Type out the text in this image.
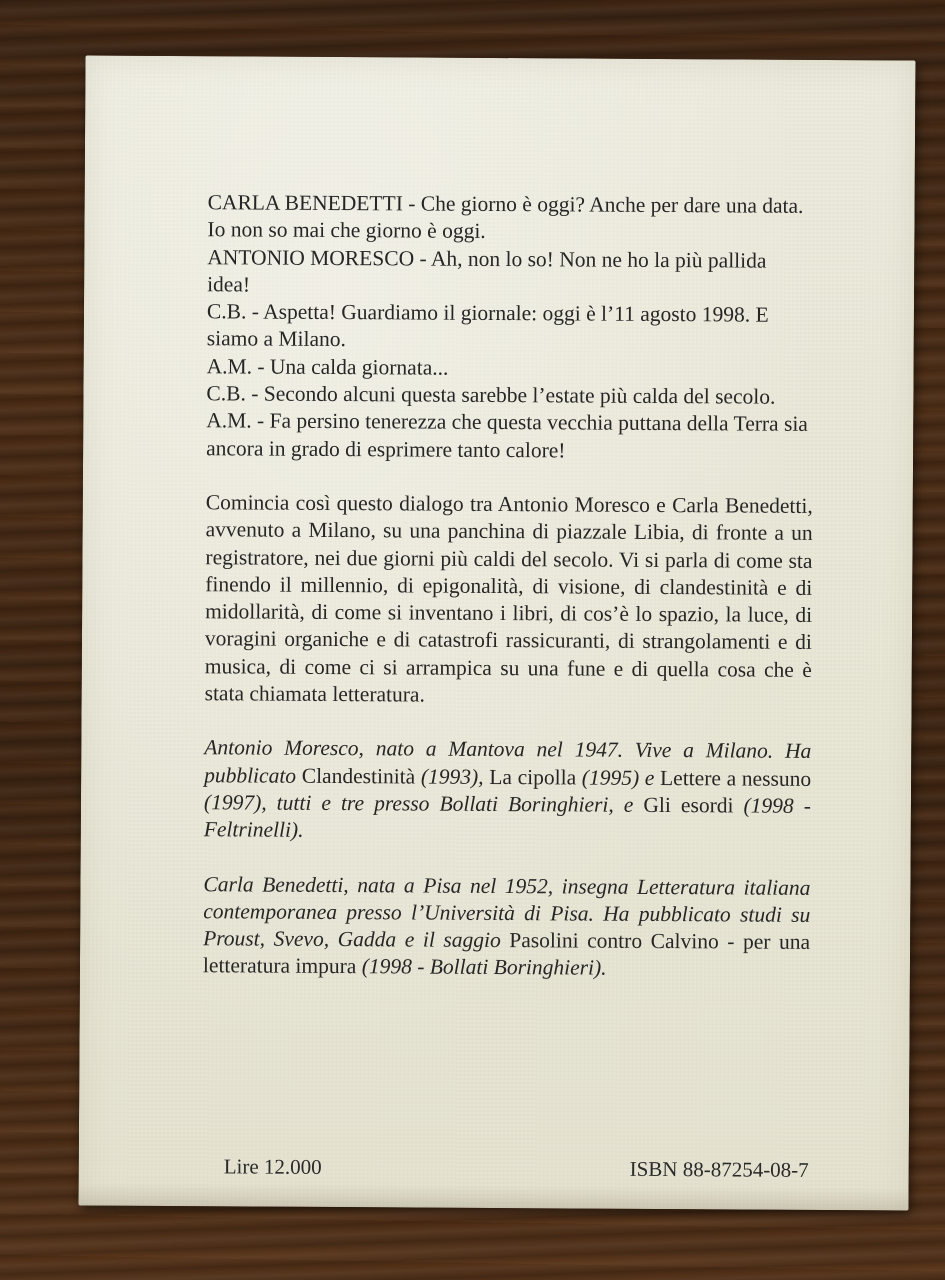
CARLA BENEDETTI - Che giorno è oggi? Anche per dare una data. Io non so mai che giorno è oggi.

ANTONIO MORESCO - Ah, non lo so! Non ne ho la più pallida idea!

C.B. - Aspetta! Guardiamo il giornale: oggi è l’11 agosto 1998. E siamo a Milano.

A.M. - Una calda giornata...

C.B. - Secondo alcuni questa sarebbe l’estate più calda del secolo.

A.M. - Fa persino tenerezza che questa vecchia puttana della Terra sia ancora in grado di esprimere tanto calore!

Comincia così questo dialogo tra Antonio Moresco e Carla Benedetti, avvenuto a Milano, su una panchina di piazzale Libia, di fronte a un registratore, nei due giorni più caldi del secolo. Vi si parla di come sta finendo il millennio, di epigonalità, di visione, di clandestinità e di midollarità, di come si inventano i libri, di cos’è lo spazio, la luce, di voragini organiche e di catastrofi rassicuranti, di strangolamenti e di musica, di come ci si arrampica su una fune e di quella cosa che è stata chiamata letteratura.

Antonio Moresco, nato a Mantova nel 1947. Vive a Milano. Ha pubblicato Clandestinità (1993), La cipolla (1995) e Lettere a nessuno (1997), tutti e tre presso Bollati Boringhieri, e Gli esordi (1998 - Feltrinelli).

Carla Benedetti, nata a Pisa nel 1952, insegna Letteratura italiana contemporanea presso l’Università di Pisa. Ha pubblicato studi su Proust, Svevo, Gadda e il saggio Pasolini contro Calvino - per una letteratura impura (1998 - Bollati Boringhieri).

Lire 12.000	ISBN 88-87254-08-7
